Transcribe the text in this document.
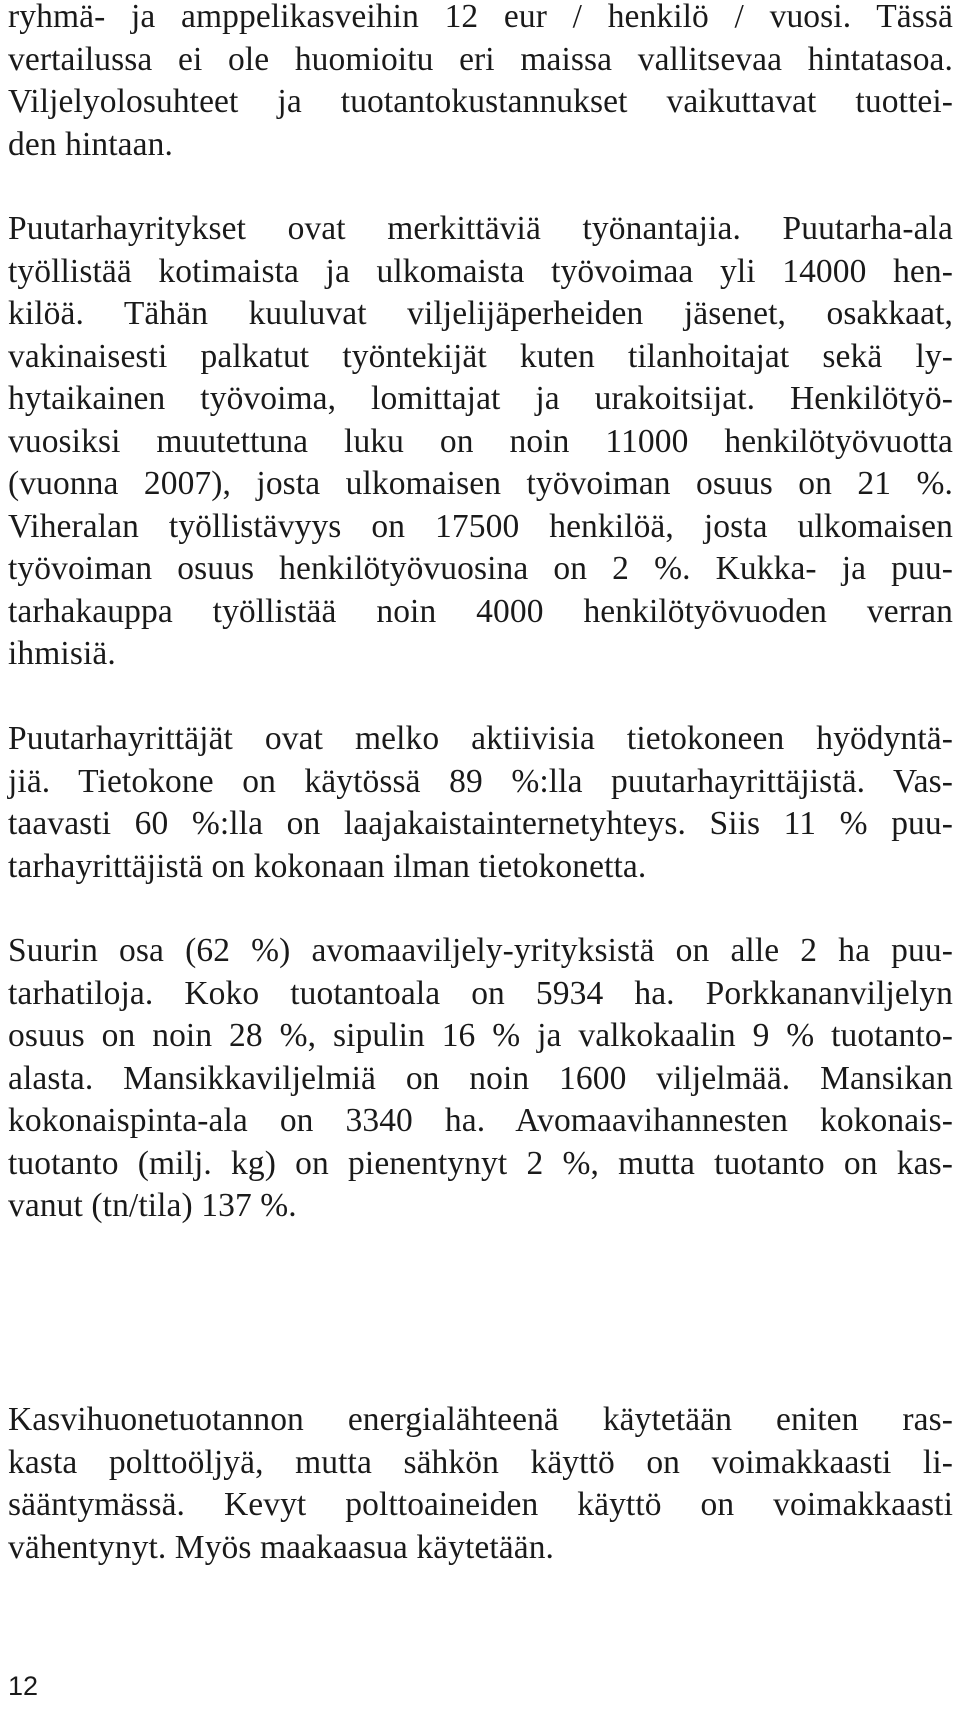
ryhmä- ja amppelikasveihin 12 eur / henkilö / vuosi. Tässä
vertailussa ei ole huomioitu eri maissa vallitsevaa hintatasoa.
Viljelyolosuhteet ja tuotantokustannukset vaikuttavat tuottei-
den hintaan.
Puutarhayritykset ovat merkittäviä työnantajia. Puutarha-ala
työllistää kotimaista ja ulkomaista työvoimaa yli 14000 hen-
kilöä. Tähän kuuluvat viljelijäperheiden jäsenet, osakkaat,
vakinaisesti palkatut työntekijät kuten tilanhoitajat sekä ly-
hytaikainen työvoima, lomittajat ja urakoitsijat. Henkilötyö-
vuosiksi muutettuna luku on noin 11000 henkilötyövuotta
(vuonna 2007), josta ulkomaisen työvoiman osuus on 21 %.
Viheralan työllistävyys on 17500 henkilöä, josta ulkomaisen
työvoiman osuus henkilötyövuosina on 2 %. Kukka- ja puu-
tarhakauppa työllistää noin 4000 henkilötyövuoden verran
ihmisiä.
Puutarhayrittäjät ovat melko aktiivisia tietokoneen hyödyntä-
jiä. Tietokone on käytössä 89 %:lla puutarhayrittäjistä. Vas-
taavasti 60 %:lla on laajakaistainternetyhteys. Siis 11 % puu-
tarhayrittäjistä on kokonaan ilman tietokonetta.
Suurin osa (62 %) avomaaviljely-yrityksistä on alle 2 ha puu-
tarhatiloja. Koko tuotantoala on 5934 ha. Porkkananviljelyn
osuus on noin 28 %, sipulin 16 % ja valkokaalin 9 % tuotanto-
alasta. Mansikkaviljelmiä on noin 1600 viljelmää. Mansikan
kokonaispinta-ala on 3340 ha. Avomaavihannesten kokonais-
tuotanto (milj. kg) on pienentynyt 2 %, mutta tuotanto on kas-
vanut (tn/tila) 137 %.
Kasvihuonetuotannon energialähteenä käytetään eniten ras-
kasta polttoöljyä, mutta sähkön käyttö on voimakkaasti li-
sääntymässä. Kevyt polttoaineiden käyttö on voimakkaasti
vähentynyt. Myös maakaasua käytetään.
12
